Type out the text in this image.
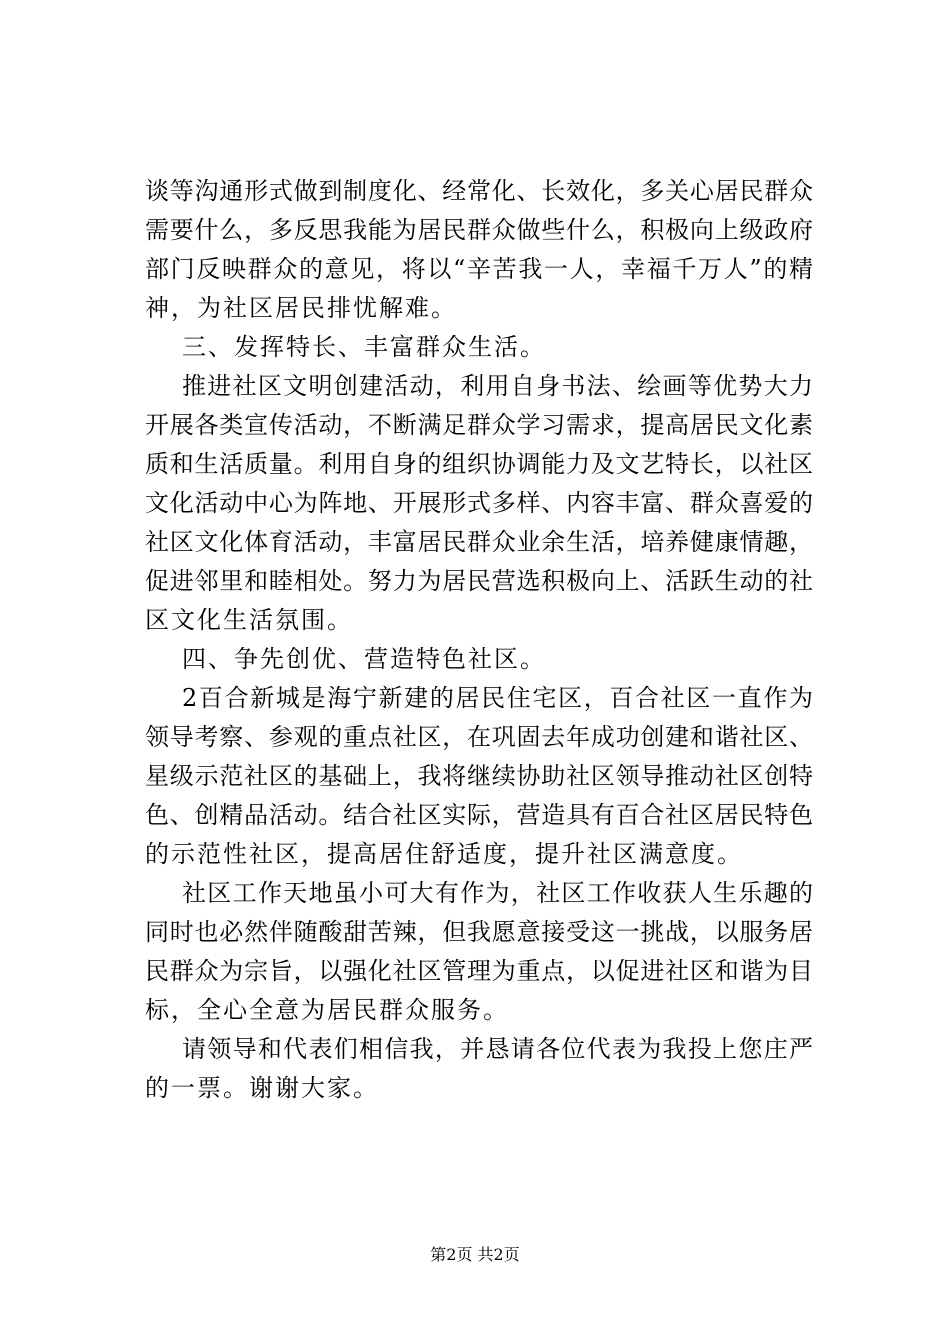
谈等沟通形式做到制度化、经常化、长效化，多关心居民群众
需要什么，多反思我能为居民群众做些什么，积极向上级政府
部门反映群众的意见，将以“辛苦我一人，幸福千万人”的精
神，为社区居民排忧解难。
三、发挥特长、丰富群众生活。
推进社区文明创建活动，利用自身书法、绘画等优势大力
开展各类宣传活动，不断满足群众学习需求，提高居民文化素
质和生活质量。利用自身的组织协调能力及文艺特长，以社区
文化活动中心为阵地、开展形式多样、内容丰富、群众喜爱的
社区文化体育活动，丰富居民群众业余生活，培养健康情趣，
促进邻里和睦相处。努力为居民营选积极向上、活跃生动的社
区文化生活氛围。
四、争先创优、营造特色社区。
2百合新城是海宁新建的居民住宅区，百合社区一直作为
领导考察、参观的重点社区，在巩固去年成功创建和谐社区、
星级示范社区的基础上，我将继续协助社区领导推动社区创特
色、创精品活动。结合社区实际，营造具有百合社区居民特色
的示范性社区，提高居住舒适度，提升社区满意度。
社区工作天地虽小可大有作为，社区工作收获人生乐趣的
同时也必然伴随酸甜苦辣，但我愿意接受这一挑战，以服务居
民群众为宗旨，以强化社区管理为重点，以促进社区和谐为目
标，全心全意为居民群众服务。
请领导和代表们相信我，并恳请各位代表为我投上您庄严
的一票。谢谢大家。
第2页 共2页
